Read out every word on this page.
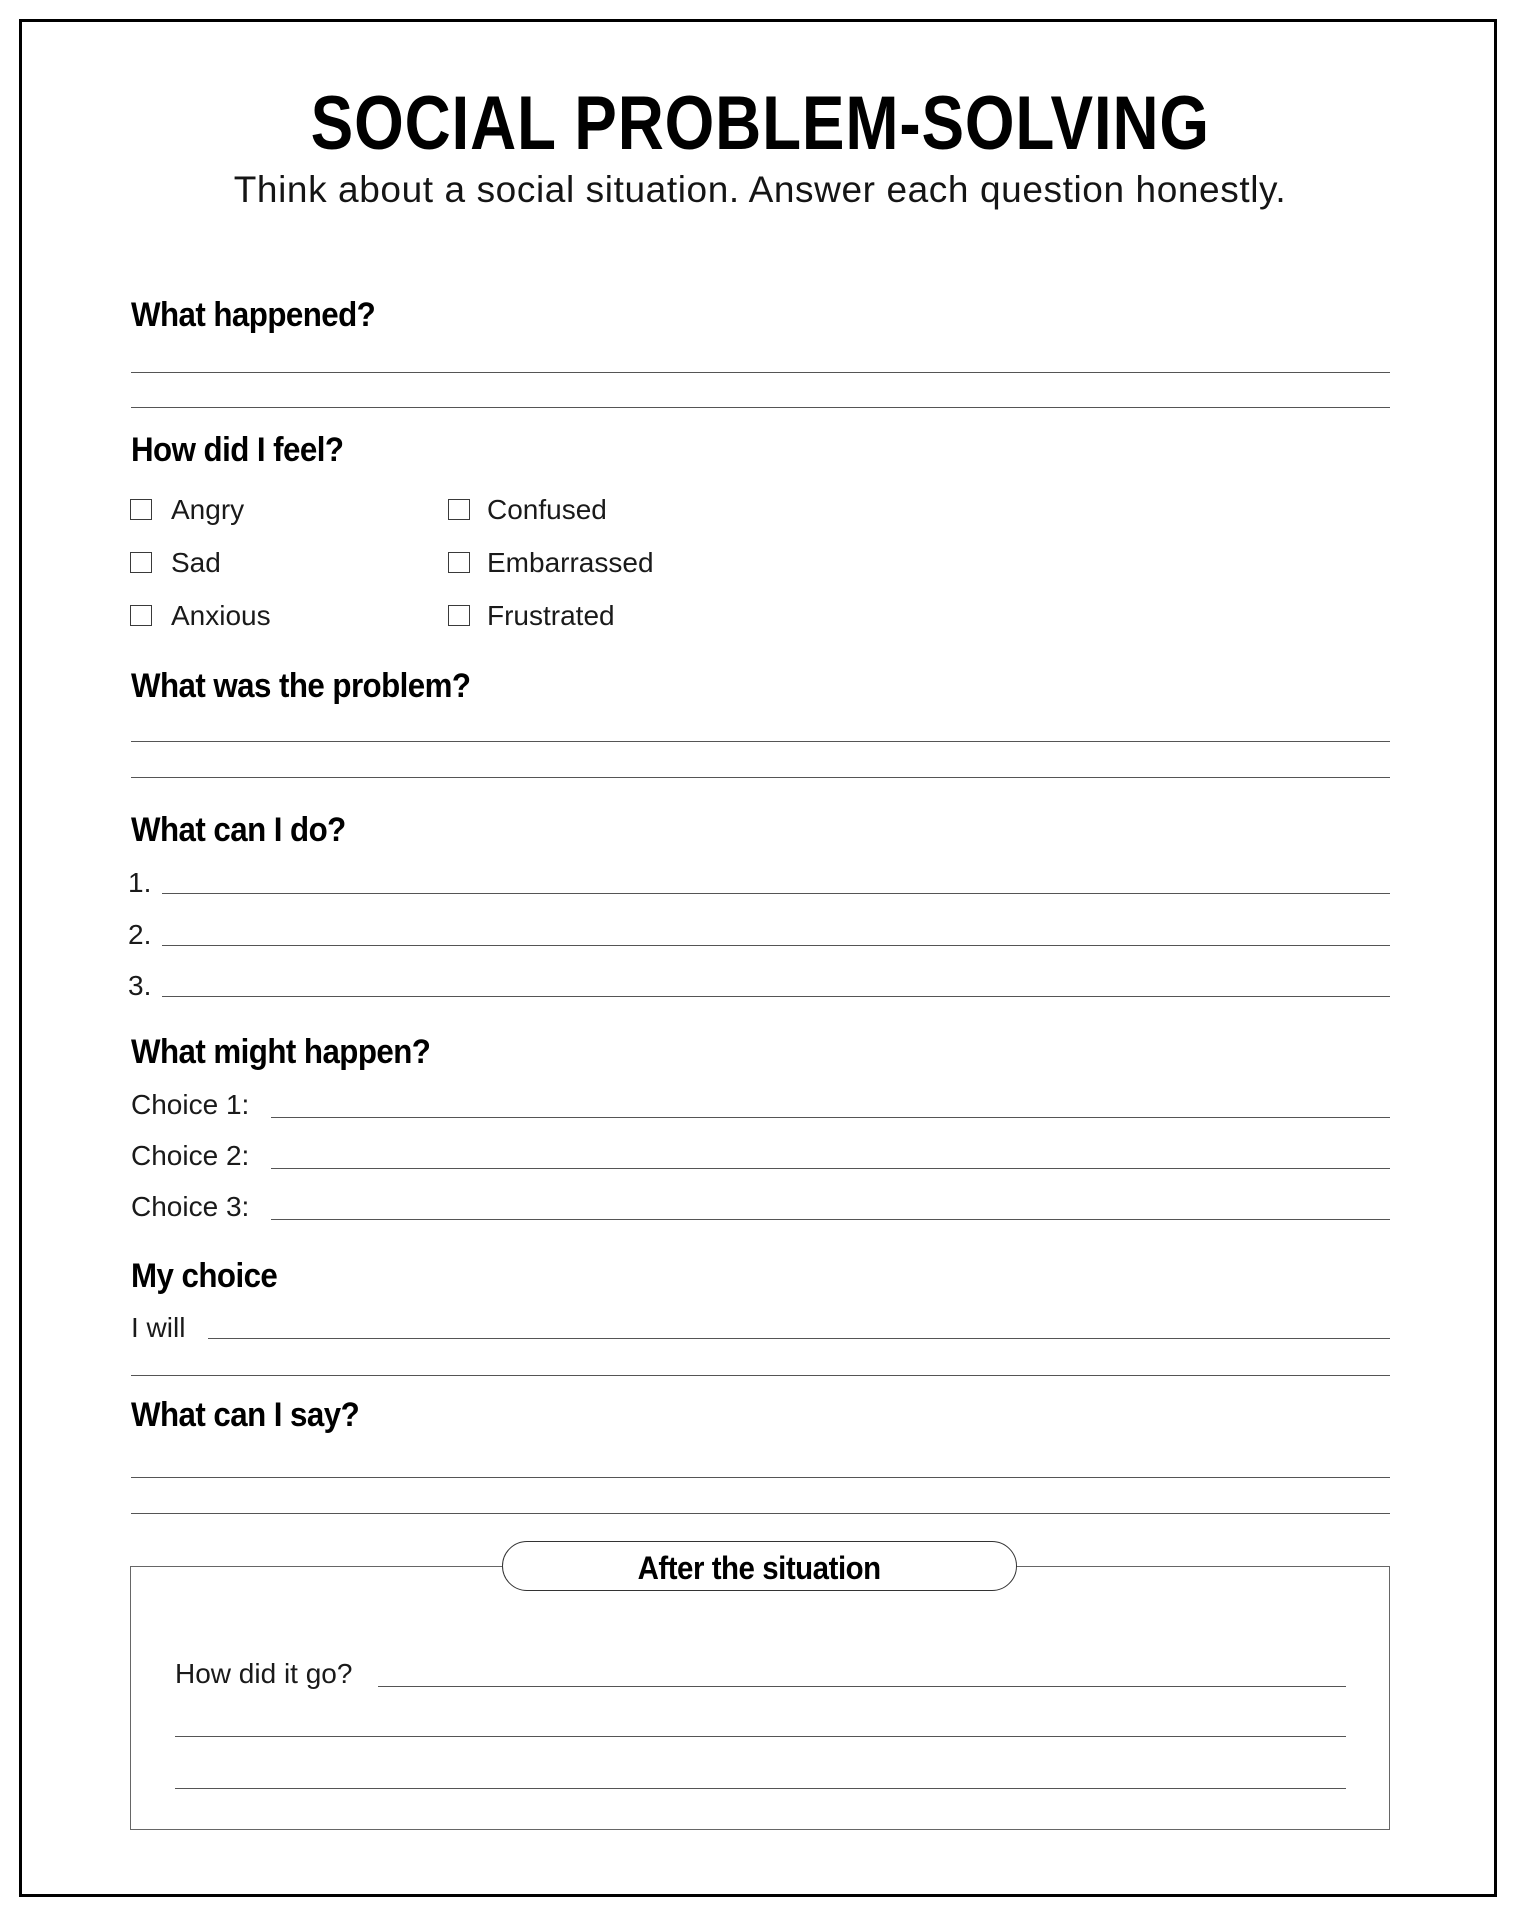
SOCIAL PROBLEM-SOLVING
Think about a social situation. Answer each question honestly.
What happened?
How did I feel?
Angry
Sad
Anxious
Confused
Embarrassed
Frustrated
What was the problem?
What can I do?
1.
2.
3.
What might happen?
Choice 1:
Choice 2:
Choice 3:
My choice
I will
What can I say?
After the situation
How did it go?
